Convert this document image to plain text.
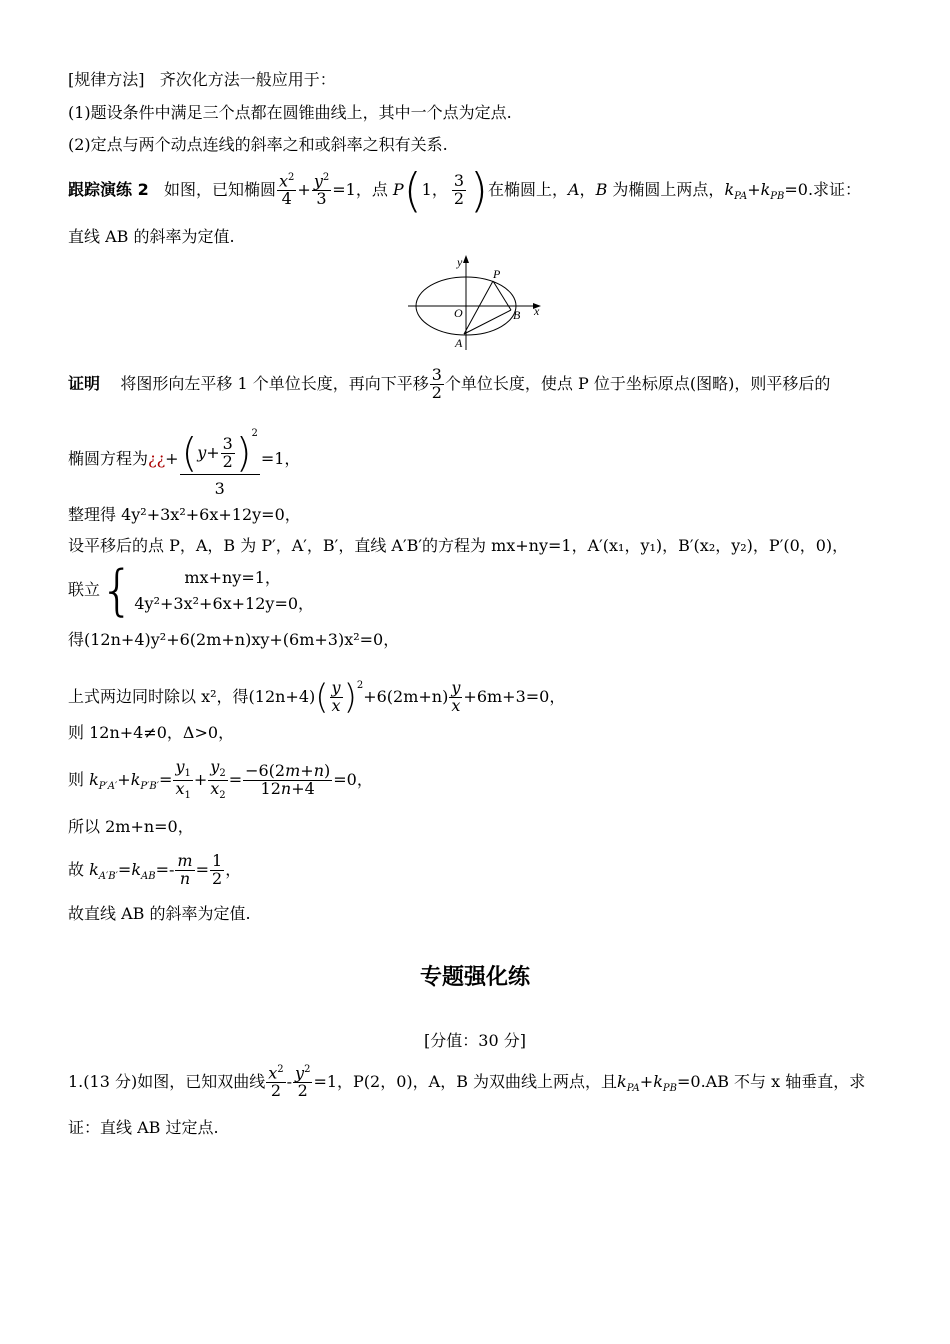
[规律方法] 齐次化方法一般应用于：
(1)题设条件中满足三个点都在圆锥曲线上，其中一个点为定点.
(2)定点与两个动点连线的斜率之和或斜率之积有关系.
跟踪演练 2 如图，已知椭圆 $\frac{x^2}{4} + \frac{y^2}{3} =1$，点 P(1， $\frac{3}{2}$ )在椭圆上，A，B 为椭圆上两点，$k_{PA}+k_{PB}=0$.求证：
直线 AB 的斜率为定值.
y
x
O
P
A
B
证明 将图形向左平移 1 个单位长度，再向下平移 $\frac{3}{2}$ 个单位长度，使点 P 位于坐标原点(图略)，则平移后的
椭圆方程为¿¿+ $\frac{(y+ \frac{3}{2} )^2}{3} =1$，
整理得 4y²+3x²+6x+12y=0，
设平移后的点 P，A，B 为 P′，A′，B′，直线 A′B′的方程为 mx+ny=1，A′(x₁，y₁)，B′(x₂，y₂)，P′(0，0)，
联立{	mx+ny=1，
4y²+3x²+6x+12y=0，
得(12n+4)y²+6(2m+n)xy+(6m+3)x²=0，
上式两边同时除以 x²，得$(12n+4)( \frac{y}{x} )^2+6(2m+n) \frac{y}{x} +6m+3=0$，
则 12n+4≠0，Δ>0，
则 $k_{P'A'}+k_{P'B'}= \frac{y_1}{x_1} + \frac{y_2}{x_2} = \frac{-6(2m+n)}{12n+4} =0$，
所以 2m+n=0，
故 $k_{A'B'}=k_{AB}=- \frac{m}{n} = \frac{1}{2}$ ，
故直线 AB 的斜率为定值.
专题强化练
[分值：30 分]
1.(13 分)如图，已知双曲线 $\frac{x^2}{2} - \frac{y^2}{2} =1$，P(2，0)，A，B 为双曲线上两点，且$k_{PA}+k_{PB}=0.AB$ 不与 x 轴垂直，求
证：直线 AB 过定点.
